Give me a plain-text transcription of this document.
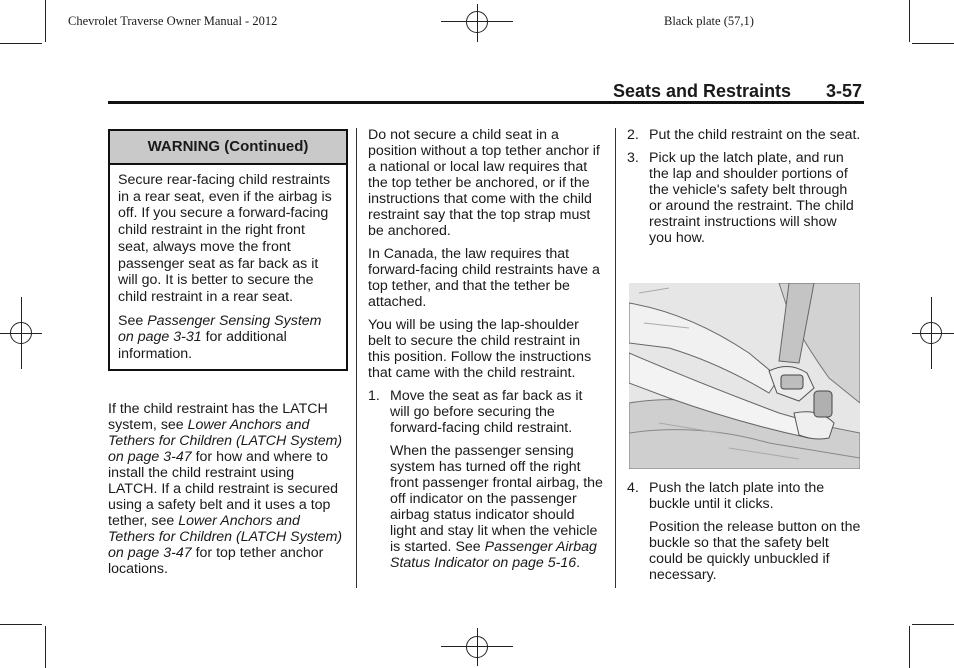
Chevrolet Traverse Owner Manual - 2012	Black plate (57,1)
Seats and Restraints 3-57
WARNING (Continued)

Secure rear-facing child restraints in a rear seat, even if the airbag is off. If you secure a forward-facing child restraint in the right front seat, always move the front passenger seat as far back as it will go. It is better to secure the child restraint in a rear seat.

See Passenger Sensing System on page 3-31 for additional information.

If the child restraint has the LATCH system, see Lower Anchors and Tethers for Children (LATCH System) on page 3-47 for how and where to install the child restraint using LATCH. If a child restraint is secured using a safety belt and it uses a top tether, see Lower Anchors and Tethers for Children (LATCH System) on page 3-47 for top tether anchor locations.

Do not secure a child seat in a position without a top tether anchor if a national or local law requires that the top tether be anchored, or if the instructions that come with the child restraint say that the top strap must be anchored.

In Canada, the law requires that forward-facing child restraints have a top tether, and that the tether be attached.

You will be using the lap-shoulder belt to secure the child restraint in this position. Follow the instructions that came with the child restraint.

1. Move the seat as far back as it will go before securing the forward-facing child restraint.
When the passenger sensing system has turned off the right front passenger frontal airbag, the off indicator on the passenger airbag status indicator should light and stay lit when the vehicle is started. See Passenger Airbag Status Indicator on page 5-16.
2. Put the child restraint on the seat.
3. Pick up the latch plate, and run the lap and shoulder portions of the vehicle's safety belt through or around the restraint. The child restraint instructions will show you how.
4. Push the latch plate into the buckle until it clicks.
Position the release button on the buckle so that the safety belt could be quickly unbuckled if necessary.
